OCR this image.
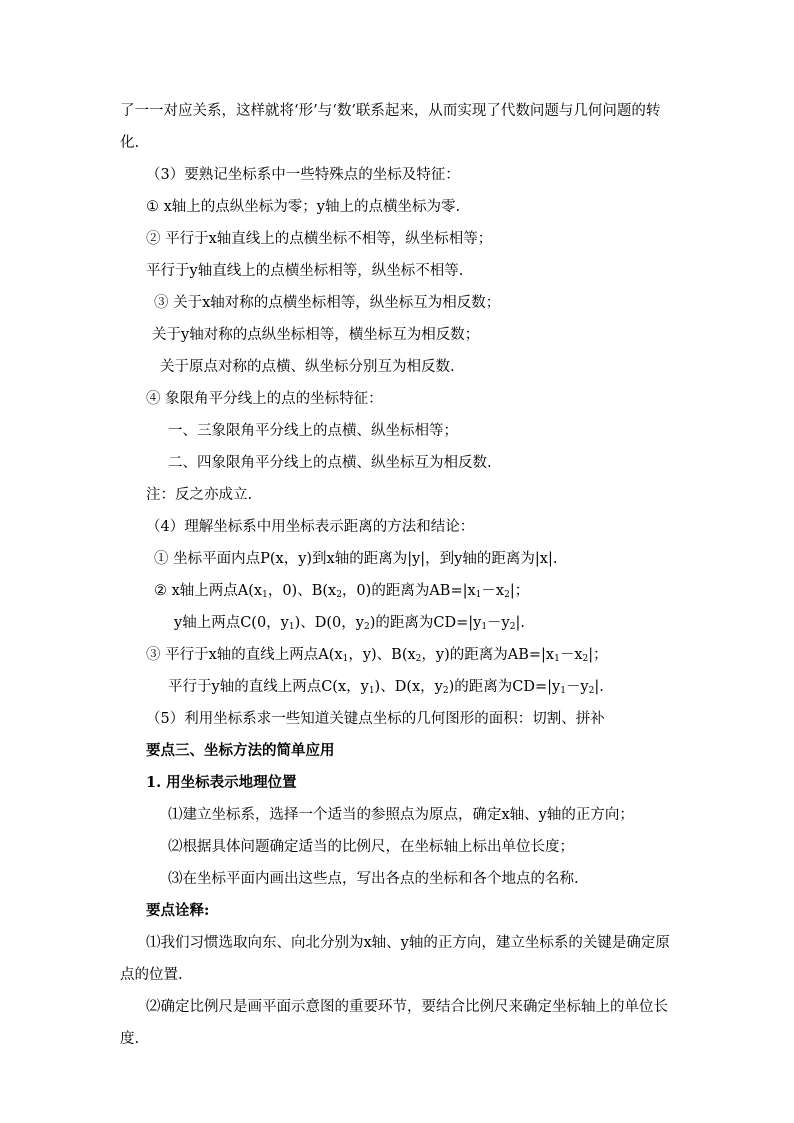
了一一对应关系，这样就将‘形’与‘数’联系起来，从而实现了代数问题与几何问题的转
化.
（3）要熟记坐标系中一些特殊点的坐标及特征：
① x轴上的点纵坐标为零；y轴上的点横坐标为零.
② 平行于x轴直线上的点横坐标不相等，纵坐标相等；
平行于y轴直线上的点横坐标相等，纵坐标不相等.
③ 关于x轴对称的点横坐标相等，纵坐标互为相反数；
关于y轴对称的点纵坐标相等，横坐标互为相反数；
关于原点对称的点横、纵坐标分别互为相反数.
④ 象限角平分线上的点的坐标特征：
一、三象限角平分线上的点横、纵坐标相等；
二、四象限角平分线上的点横、纵坐标互为相反数.
注：反之亦成立.
（4）理解坐标系中用坐标表示距离的方法和结论：
① 坐标平面内点P(x，y)到x轴的距离为|y|，到y轴的距离为|x|.
② x轴上两点$A(x_1$，0)、$B(x_2$，0)的距离为$AB=|x_1-x_2|$；
y轴上两点C(0，$y_1$)、D(0，$y_2$)的距离为$CD=|y_1-y_2|$.
③ 平行于x轴的直线上两点$A(x_1$，y)、$B(x_2$，y)的距离为$AB=|x_1-x_2|$；
平行于y轴的直线上两点C(x，$y_1$)、D(x，$y_2$)的距离为$CD=|y_1-y_2|$.
（5）利用坐标系求一些知道关键点坐标的几何图形的面积：切割、拼补
要点三、坐标方法的简单应用
1. 用坐标表示地理位置
⑴建立坐标系，选择一个适当的参照点为原点，确定x轴、y轴的正方向；
⑵根据具体问题确定适当的比例尺，在坐标轴上标出单位长度；
⑶在坐标平面内画出这些点，写出各点的坐标和各个地点的名称.
要点诠释:
⑴我们习惯选取向东、向北分别为x轴、y轴的正方向，建立坐标系的关键是确定原
点的位置.
⑵确定比例尺是画平面示意图的重要环节，要结合比例尺来确定坐标轴上的单位长
度.
